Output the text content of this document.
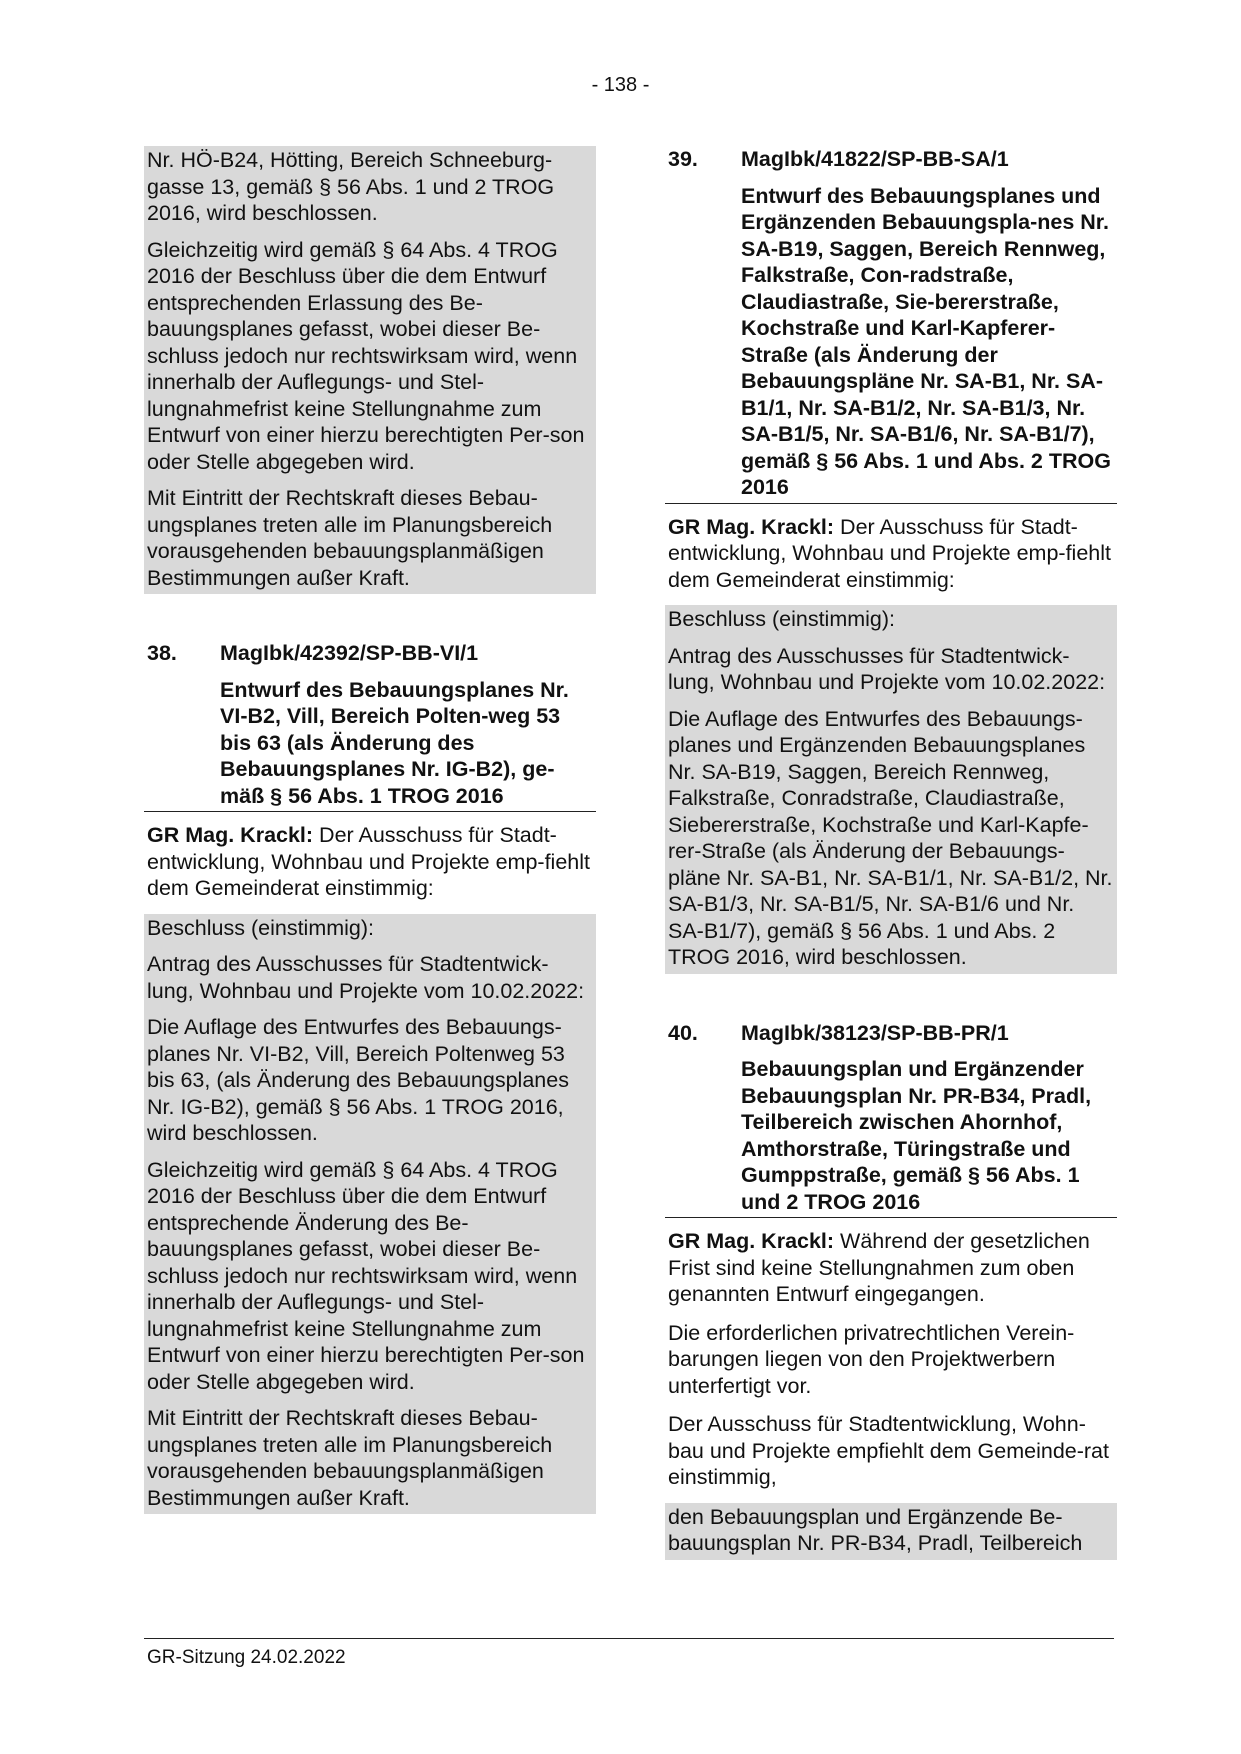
- 138 -

Nr. HÖ-B24, Hötting, Bereich Schneeburg-gasse 13, gemäß § 56 Abs. 1 und 2 TROG 2016, wird beschlossen.

Gleichzeitig wird gemäß § 64 Abs. 4 TROG 2016 der Beschluss über die dem Entwurf entsprechenden Erlassung des Be-bauungsplanes gefasst, wobei dieser Be-schluss jedoch nur rechtswirksam wird, wenn innerhalb der Auflegungs- und Stel-lungnahmefrist keine Stellungnahme zum Entwurf von einer hierzu berechtigten Per-son oder Stelle abgegeben wird.

Mit Eintritt der Rechtskraft dieses Bebau-ungsplanes treten alle im Planungsbereich vorausgehenden bebauungsplanmäßigen Bestimmungen außer Kraft.

38.	MagIbk/42392/SP-BB-VI/1
Entwurf des Bebauungsplanes Nr. VI-B2, Vill, Bereich Polten-weg 53 bis 63 (als Änderung des Bebauungsplanes Nr. IG-B2), ge-mäß § 56 Abs. 1 TROG 2016

GR Mag. Krackl: Der Ausschuss für Stadt-entwicklung, Wohnbau und Projekte emp-fiehlt dem Gemeinderat einstimmig:

Beschluss (einstimmig):

Antrag des Ausschusses für Stadtentwick-lung, Wohnbau und Projekte vom 10.02.2022:

Die Auflage des Entwurfes des Bebauungs-planes Nr. VI-B2, Vill, Bereich Poltenweg 53 bis 63, (als Änderung des Bebauungsplanes Nr. IG-B2), gemäß § 56 Abs. 1 TROG 2016, wird beschlossen.

Gleichzeitig wird gemäß § 64 Abs. 4 TROG 2016 der Beschluss über die dem Entwurf entsprechende Änderung des Be-bauungsplanes gefasst, wobei dieser Be-schluss jedoch nur rechtswirksam wird, wenn innerhalb der Auflegungs- und Stel-lungnahmefrist keine Stellungnahme zum Entwurf von einer hierzu berechtigten Per-son oder Stelle abgegeben wird.

Mit Eintritt der Rechtskraft dieses Bebau-ungsplanes treten alle im Planungsbereich vorausgehenden bebauungsplanmäßigen Bestimmungen außer Kraft.

39.	MagIbk/41822/SP-BB-SA/1
Entwurf des Bebauungsplanes und Ergänzenden Bebauungspla-nes Nr. SA-B19, Saggen, Bereich Rennweg, Falkstraße, Con-radstraße, Claudiastraße, Sie-bererstraße, Kochstraße und Karl-Kapferer-Straße (als Änderung der Bebauungspläne Nr. SA-B1, Nr. SA-B1/1, Nr. SA-B1/2, Nr. SA-B1/3, Nr. SA-B1/5, Nr. SA-B1/6, Nr. SA-B1/7), gemäß § 56 Abs. 1 und Abs. 2 TROG 2016

GR Mag. Krackl: Der Ausschuss für Stadt-entwicklung, Wohnbau und Projekte emp-fiehlt dem Gemeinderat einstimmig:

Beschluss (einstimmig):

Antrag des Ausschusses für Stadtentwick-lung, Wohnbau und Projekte vom 10.02.2022:

Die Auflage des Entwurfes des Bebauungs-planes und Ergänzenden Bebauungsplanes Nr. SA-B19, Saggen, Bereich Rennweg, Falkstraße, Conradstraße, Claudiastraße, Siebererstraße, Kochstraße und Karl-Kapfe-rer-Straße (als Änderung der Bebauungs-pläne Nr. SA-B1, Nr. SA-B1/1, Nr. SA-B1/2, Nr. SA-B1/3, Nr. SA-B1/5, Nr. SA-B1/6 und Nr. SA-B1/7), gemäß § 56 Abs. 1 und Abs. 2 TROG 2016, wird beschlossen.

40.	MagIbk/38123/SP-BB-PR/1
Bebauungsplan und Ergänzender Bebauungsplan Nr. PR-B34, Pradl, Teilbereich zwischen Ahornhof, Amthorstraße, Türingstraße und Gumppstraße, gemäß § 56 Abs. 1 und 2 TROG 2016

GR Mag. Krackl: Während der gesetzlichen Frist sind keine Stellungnahmen zum oben genannten Entwurf eingegangen.

Die erforderlichen privatrechtlichen Verein-barungen liegen von den Projektwerbern unterfertigt vor.

Der Ausschuss für Stadtentwicklung, Wohn-bau und Projekte empfiehlt dem Gemeinde-rat einstimmig,

den Bebauungsplan und Ergänzende Be-bauungsplan Nr. PR-B34, Pradl, Teilbereich

GR-Sitzung 24.02.2022
